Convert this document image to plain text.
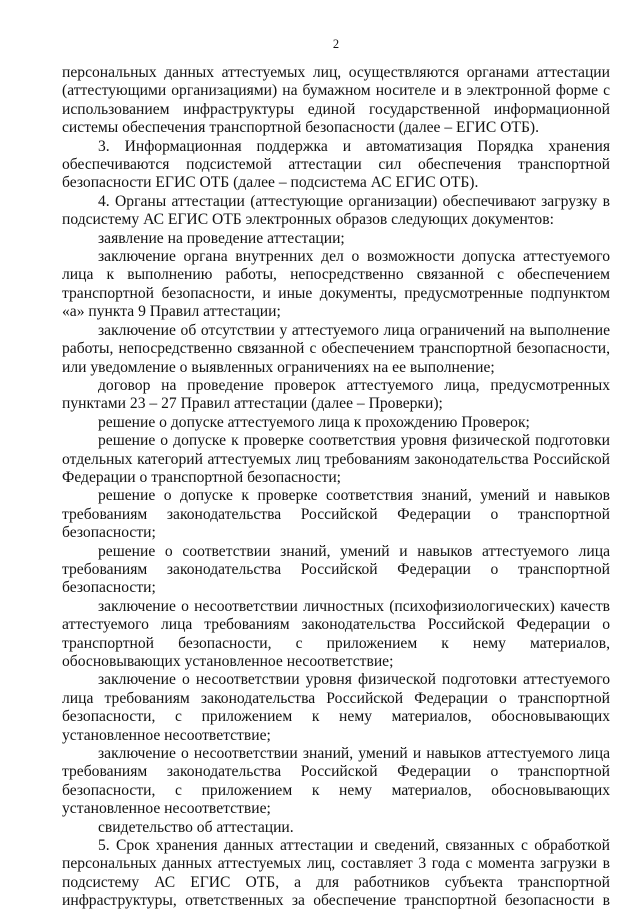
2

персональных данных аттестуемых лиц, осуществляются органами аттестации (аттестующими организациями) на бумажном носителе и в электронной форме с использованием инфраструктуры единой государственной информационной системы обеспечения транспортной безопасности (далее – ЕГИС ОТБ).

3. Информационная поддержка и автоматизация Порядка хранения обеспечиваются подсистемой аттестации сил обеспечения транспортной безопасности ЕГИС ОТБ (далее – подсистема АС ЕГИС ОТБ).

4. Органы аттестации (аттестующие организации) обеспечивают загрузку в подсистему АС ЕГИС ОТБ электронных образов следующих документов:

заявление на проведение аттестации;

заключение органа внутренних дел о возможности допуска аттестуемого лица к выполнению работы, непосредственно связанной с обеспечением транспортной безопасности, и иные документы, предусмотренные подпунктом «а» пункта 9 Правил аттестации;

заключение об отсутствии у аттестуемого лица ограничений на выполнение работы, непосредственно связанной с обеспечением транспортной безопасности, или уведомление о выявленных ограничениях на ее выполнение;

договор на проведение проверок аттестуемого лица, предусмотренных пунктами 23 – 27 Правил аттестации (далее – Проверки);

решение о допуске аттестуемого лица к прохождению Проверок;

решение о допуске к проверке соответствия уровня физической подготовки отдельных категорий аттестуемых лиц требованиям законодательства Российской Федерации о транспортной безопасности;

решение о допуске к проверке соответствия знаний, умений и навыков требованиям законодательства Российской Федерации о транспортной безопасности;

решение о соответствии знаний, умений и навыков аттестуемого лица требованиям законодательства Российской Федерации о транспортной безопасности;

заключение о несоответствии личностных (психофизиологических) качеств аттестуемого лица требованиям законодательства Российской Федерации о транспортной безопасности, с приложением к нему материалов, обосновывающих установленное несоответствие;

заключение о несоответствии уровня физической подготовки аттестуемого лица требованиям законодательства Российской Федерации о транспортной безопасности, с приложением к нему материалов, обосновывающих установленное несоответствие;

заключение о несоответствии знаний, умений и навыков аттестуемого лица требованиям законодательства Российской Федерации о транспортной безопасности, с приложением к нему материалов, обосновывающих установленное несоответствие;

свидетельство об аттестации.

5. Срок хранения данных аттестации и сведений, связанных с обработкой персональных данных аттестуемых лиц, составляет 3 года с момента загрузки в подсистему АС ЕГИС ОТБ, а для работников субъекта транспортной инфраструктуры, ответственных за обеспечение транспортной безопасности в
